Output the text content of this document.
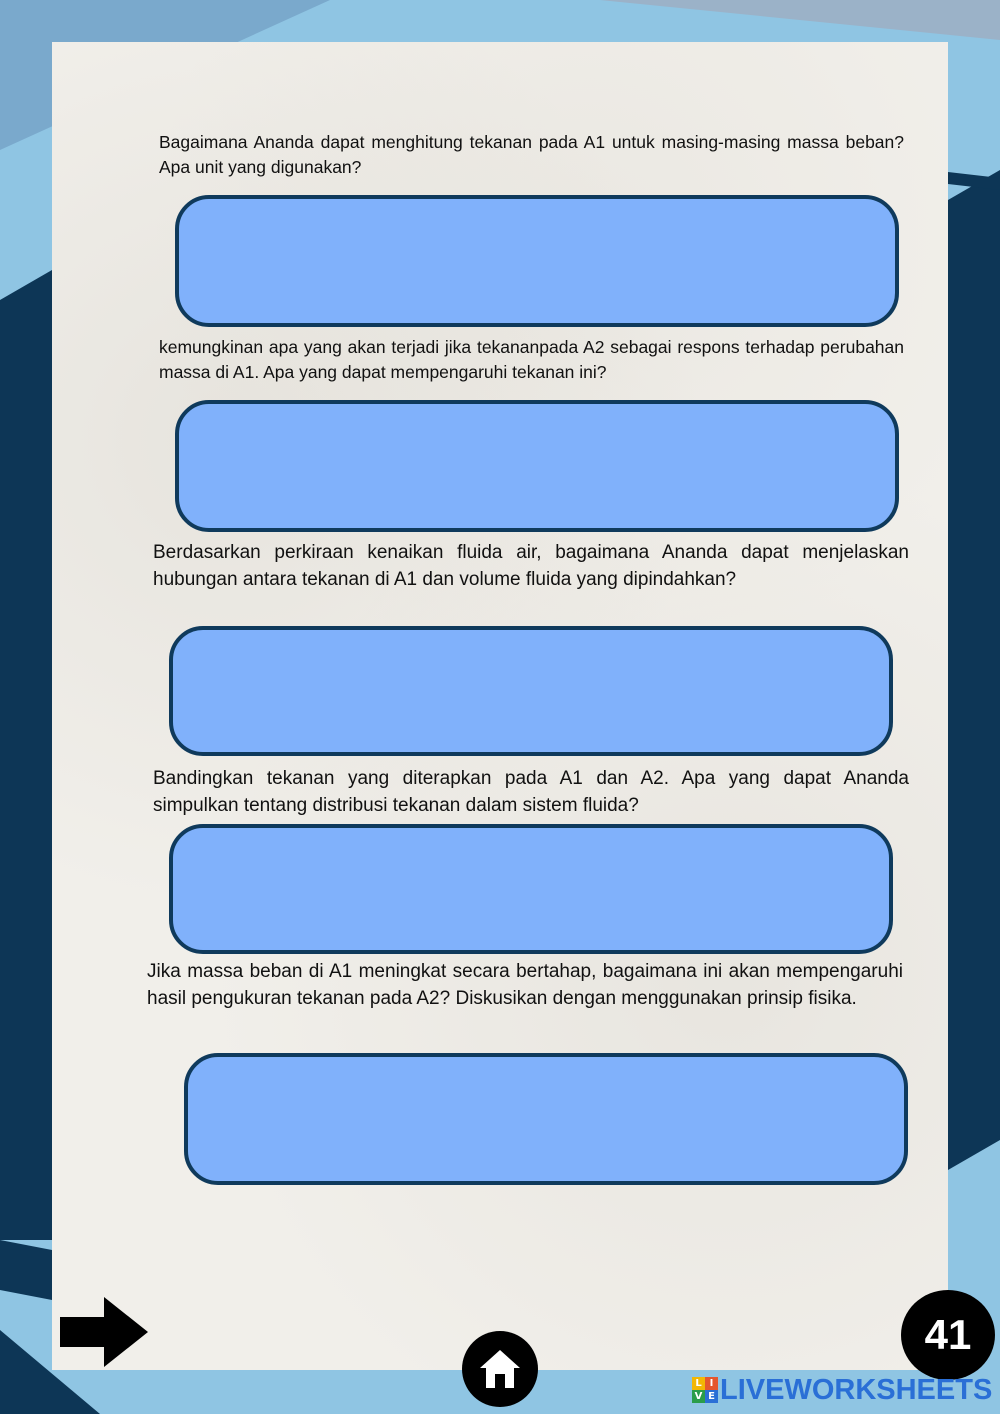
Bagaimana Ananda dapat menghitung tekanan pada A1 untuk masing-masing massa beban? Apa unit yang digunakan?

kemungkinan apa yang akan terjadi jika tekananpada A2 sebagai respons terhadap perubahan massa di A1. Apa yang dapat mempengaruhi tekanan ini?

Berdasarkan perkiraan kenaikan fluida air, bagaimana Ananda dapat menjelaskan hubungan antara tekanan di A1 dan volume fluida yang dipindahkan?

Bandingkan tekanan yang diterapkan pada A1 dan A2. Apa yang dapat Ananda simpulkan tentang distribusi tekanan dalam sistem fluida?

Jika massa beban di A1 meningkat secara bertahap, bagaimana ini akan mempengaruhi hasil pengukuran tekanan pada A2? Diskusikan dengan menggunakan prinsip fisika.

41
L I
V E LIVEWORKSHEETS
